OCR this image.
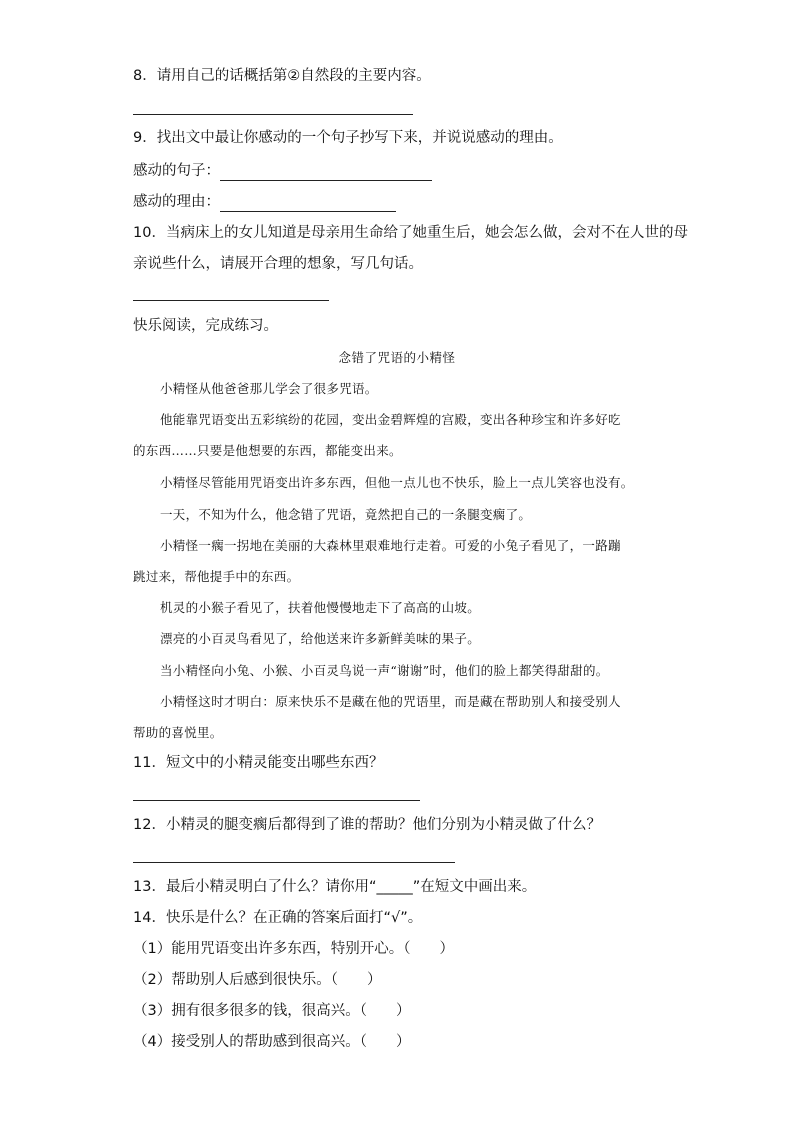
8．请用自己的话概括第②自然段的主要内容。
9．找出文中最让你感动的一个句子抄写下来，并说说感动的理由。
感动的句子：
感动的理由：
10．当病床上的女儿知道是母亲用生命给了她重生后，她会怎么做，会对不在人世的母
亲说些什么，请展开合理的想象，写几句话。
快乐阅读，完成练习。
念错了咒语的小精怪
小精怪从他爸爸那儿学会了很多咒语。
他能靠咒语变出五彩缤纷的花园，变出金碧辉煌的宫殿，变出各种珍宝和许多好吃
的东西……只要是他想要的东西，都能变出来。
小精怪尽管能用咒语变出许多东西，但他一点儿也不快乐，脸上一点儿笑容也没有。
一天，不知为什么，他念错了咒语，竟然把自己的一条腿变瘸了。
小精怪一瘸一拐地在美丽的大森林里艰难地行走着。可爱的小兔子看见了，一路蹦
跳过来，帮他提手中的东西。
机灵的小猴子看见了，扶着他慢慢地走下了高高的山坡。
漂亮的小百灵鸟看见了，给他送来许多新鲜美味的果子。
当小精怪向小兔、小猴、小百灵鸟说一声“谢谢”时，他们的脸上都笑得甜甜的。
小精怪这时才明白：原来快乐不是藏在他的咒语里，而是藏在帮助别人和接受别人
帮助的喜悦里。
11．短文中的小精灵能变出哪些东西？
12．小精灵的腿变瘸后都得到了谁的帮助？他们分别为小精灵做了什么？
13．最后小精灵明白了什么？请你用“_____”在短文中画出来。
14．快乐是什么？在正确的答案后面打“√”。
（1）能用咒语变出许多东西，特别开心。（　　）
（2）帮助别人后感到很快乐。（　　）
（3）拥有很多很多的钱，很高兴。（　　）
（4）接受别人的帮助感到很高兴。（　　）
